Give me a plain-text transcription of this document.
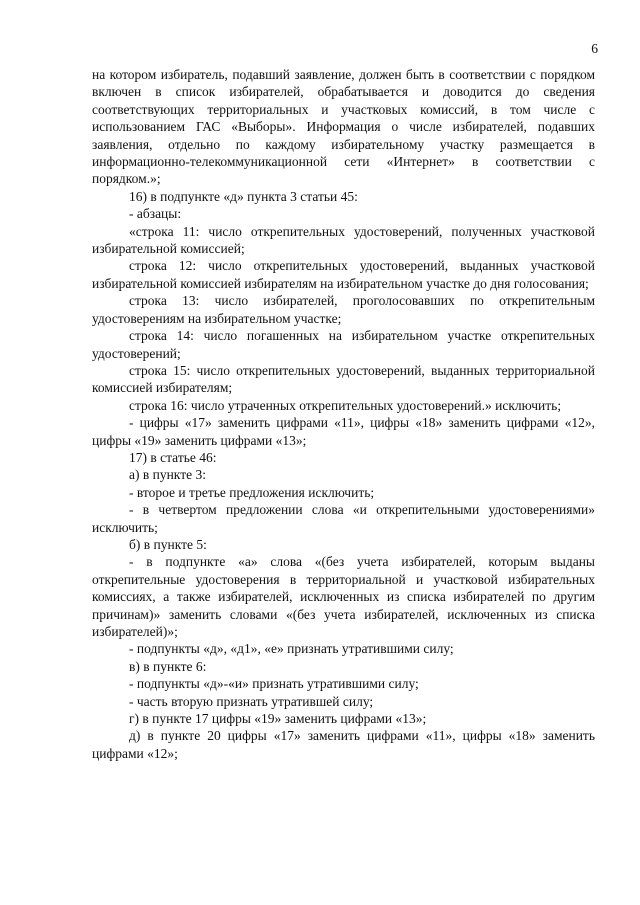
6

на котором избиратель, подавший заявление, должен быть в соответствии с порядком включен в список избирателей, обрабатывается и доводится до сведения соответствующих территориальных и участковых комиссий, в том числе с использованием ГАС «Выборы». Информация о числе избирателей, подавших заявления, отдельно по каждому избирательному участку размещается в информационно-телекоммуникационной сети «Интернет» в соответствии с порядком.»;

16) в подпункте «д» пункта 3 статьи 45:

- абзацы:

«строка 11: число открепительных удостоверений, полученных участковой избирательной комиссией;

строка 12: число открепительных удостоверений, выданных участковой избирательной комиссией избирателям на избирательном участке до дня голосования;

строка 13: число избирателей, проголосовавших по открепительным удостоверениям на избирательном участке;

строка 14: число погашенных на избирательном участке открепительных удостоверений;

строка 15: число открепительных удостоверений, выданных территориальной комиссией избирателям;

строка 16: число утраченных открепительных удостоверений.» исключить;

- цифры «17» заменить цифрами «11», цифры «18» заменить цифрами «12», цифры «19» заменить цифрами «13»;

17) в статье 46:

а) в пункте 3:

- второе и третье предложения исключить;

- в четвертом предложении слова «и открепительными удостоверениями» исключить;

б) в пункте 5:

- в подпункте «а» слова «(без учета избирателей, которым выданы открепительные удостоверения в территориальной и участковой избирательных комиссиях, а также избирателей, исключенных из списка избирателей по другим причинам)» заменить словами «(без учета избирателей, исключенных из списка избирателей)»;

- подпункты «д», «д1», «е» признать утратившими силу;

в) в пункте 6:

- подпункты «д»-«и» признать утратившими силу;

- часть вторую признать утратившей силу;

г) в пункте 17 цифры «19» заменить цифрами «13»;

д) в пункте 20 цифры «17» заменить цифрами «11», цифры «18» заменить цифрами «12»;
